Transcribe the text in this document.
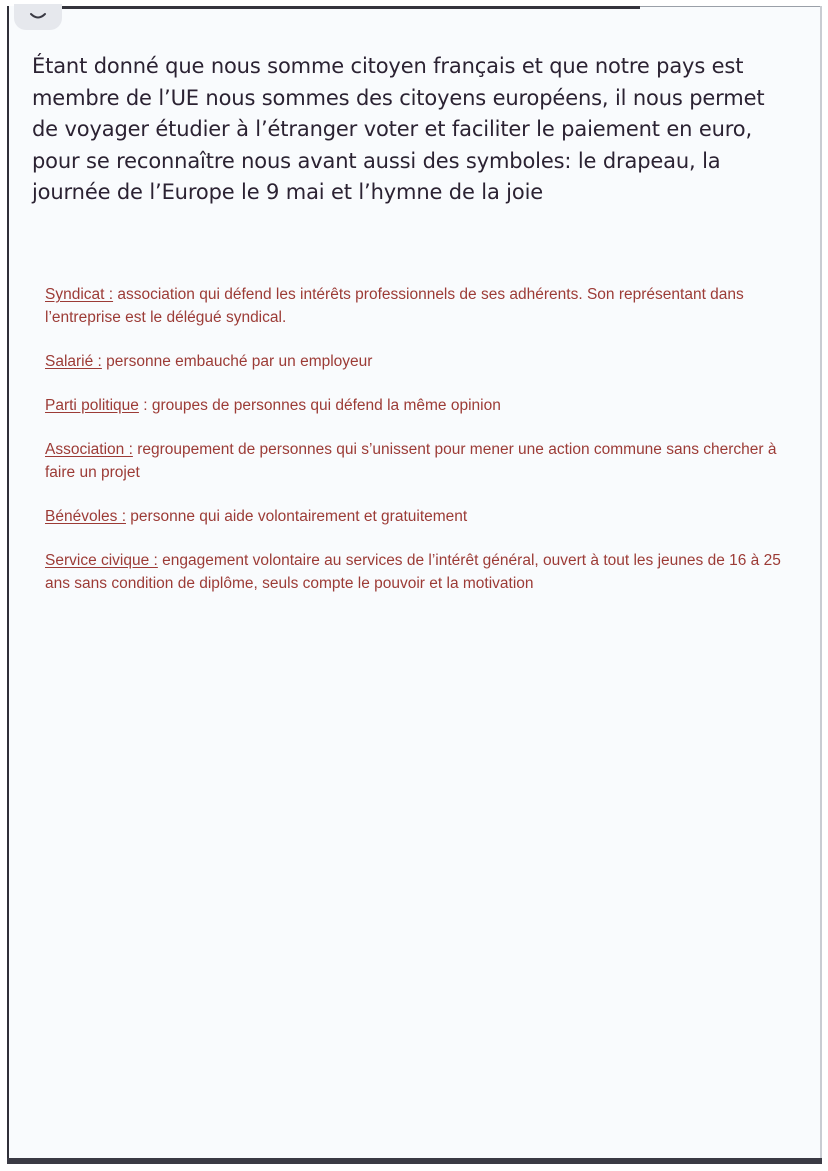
Étant donné que nous somme citoyen français et que notre pays est membre de l’UE nous sommes des citoyens européens, il nous permet de voyager étudier à l’étranger voter et faciliter le paiement en euro, pour se reconnaître nous avant aussi des symboles: le drapeau, la journée de l’Europe le 9 mai et l’hymne de la joie

Syndicat : association qui défend les intérêts professionnels de ses adhérents. Son représentant dans l’entreprise est le délégué syndical.

Salarié : personne embauché par un employeur

Parti politique : groupes de personnes qui défend la même opinion

Association : regroupement de personnes qui s’unissent pour mener une action commune sans chercher à faire un projet

Bénévoles : personne qui aide volontairement et gratuitement

Service civique : engagement volontaire au services de l’intérêt général, ouvert à tout les jeunes de 16 à 25 ans sans condition de diplôme, seuls compte le pouvoir et la motivation
